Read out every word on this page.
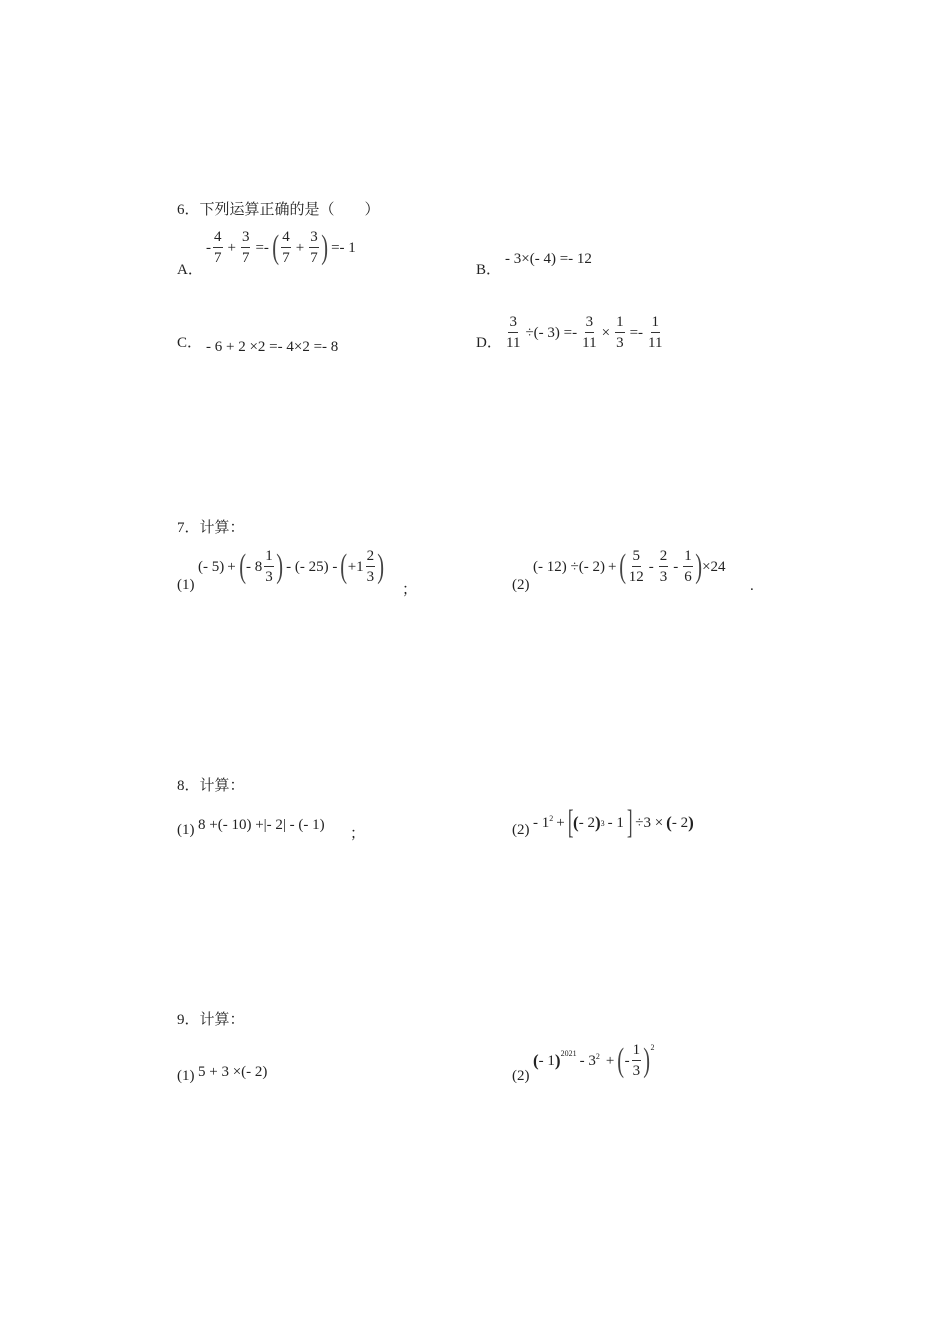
6．下列运算正确的是（　　）
A．
- $\frac{4}{7} + \frac{3}{7}$ =- ( $\frac{4}{7} + \frac{3}{7}$ ) =- 1
B．
- 3×(- 4) =- 12
C． - 6 + 2 ×2 =- 4×2 =- 8	D． $\frac{3}{11}$ ÷(- $3) =- \frac{3}{11} \times \frac{1}{3} =- \frac{1}{11}$
7．计算：
(1)
(- 5) + ( - $8 \frac{1}{3}$ ) - (- 25) - ( $+1 \frac{2}{3}$ )
；	(2)
(- 12) ÷(- 2) + ( $\frac{5}{12} - \frac{2}{3} - \frac{1}{6}$ ) ×24
.
8．计算：
(1) 8 +(- 10) +|- 2| - (- 1)
；	$(2) - 1^2$ + [ ( - 2 ) 3 - 1 ] ÷3 × ( - 2 )
9．计算：
(1) 5 + 3 ×(- 2)	(2)
( - 1 )$^{2021} - 3^2$ + ( - $\frac{1}{3} )^2$
